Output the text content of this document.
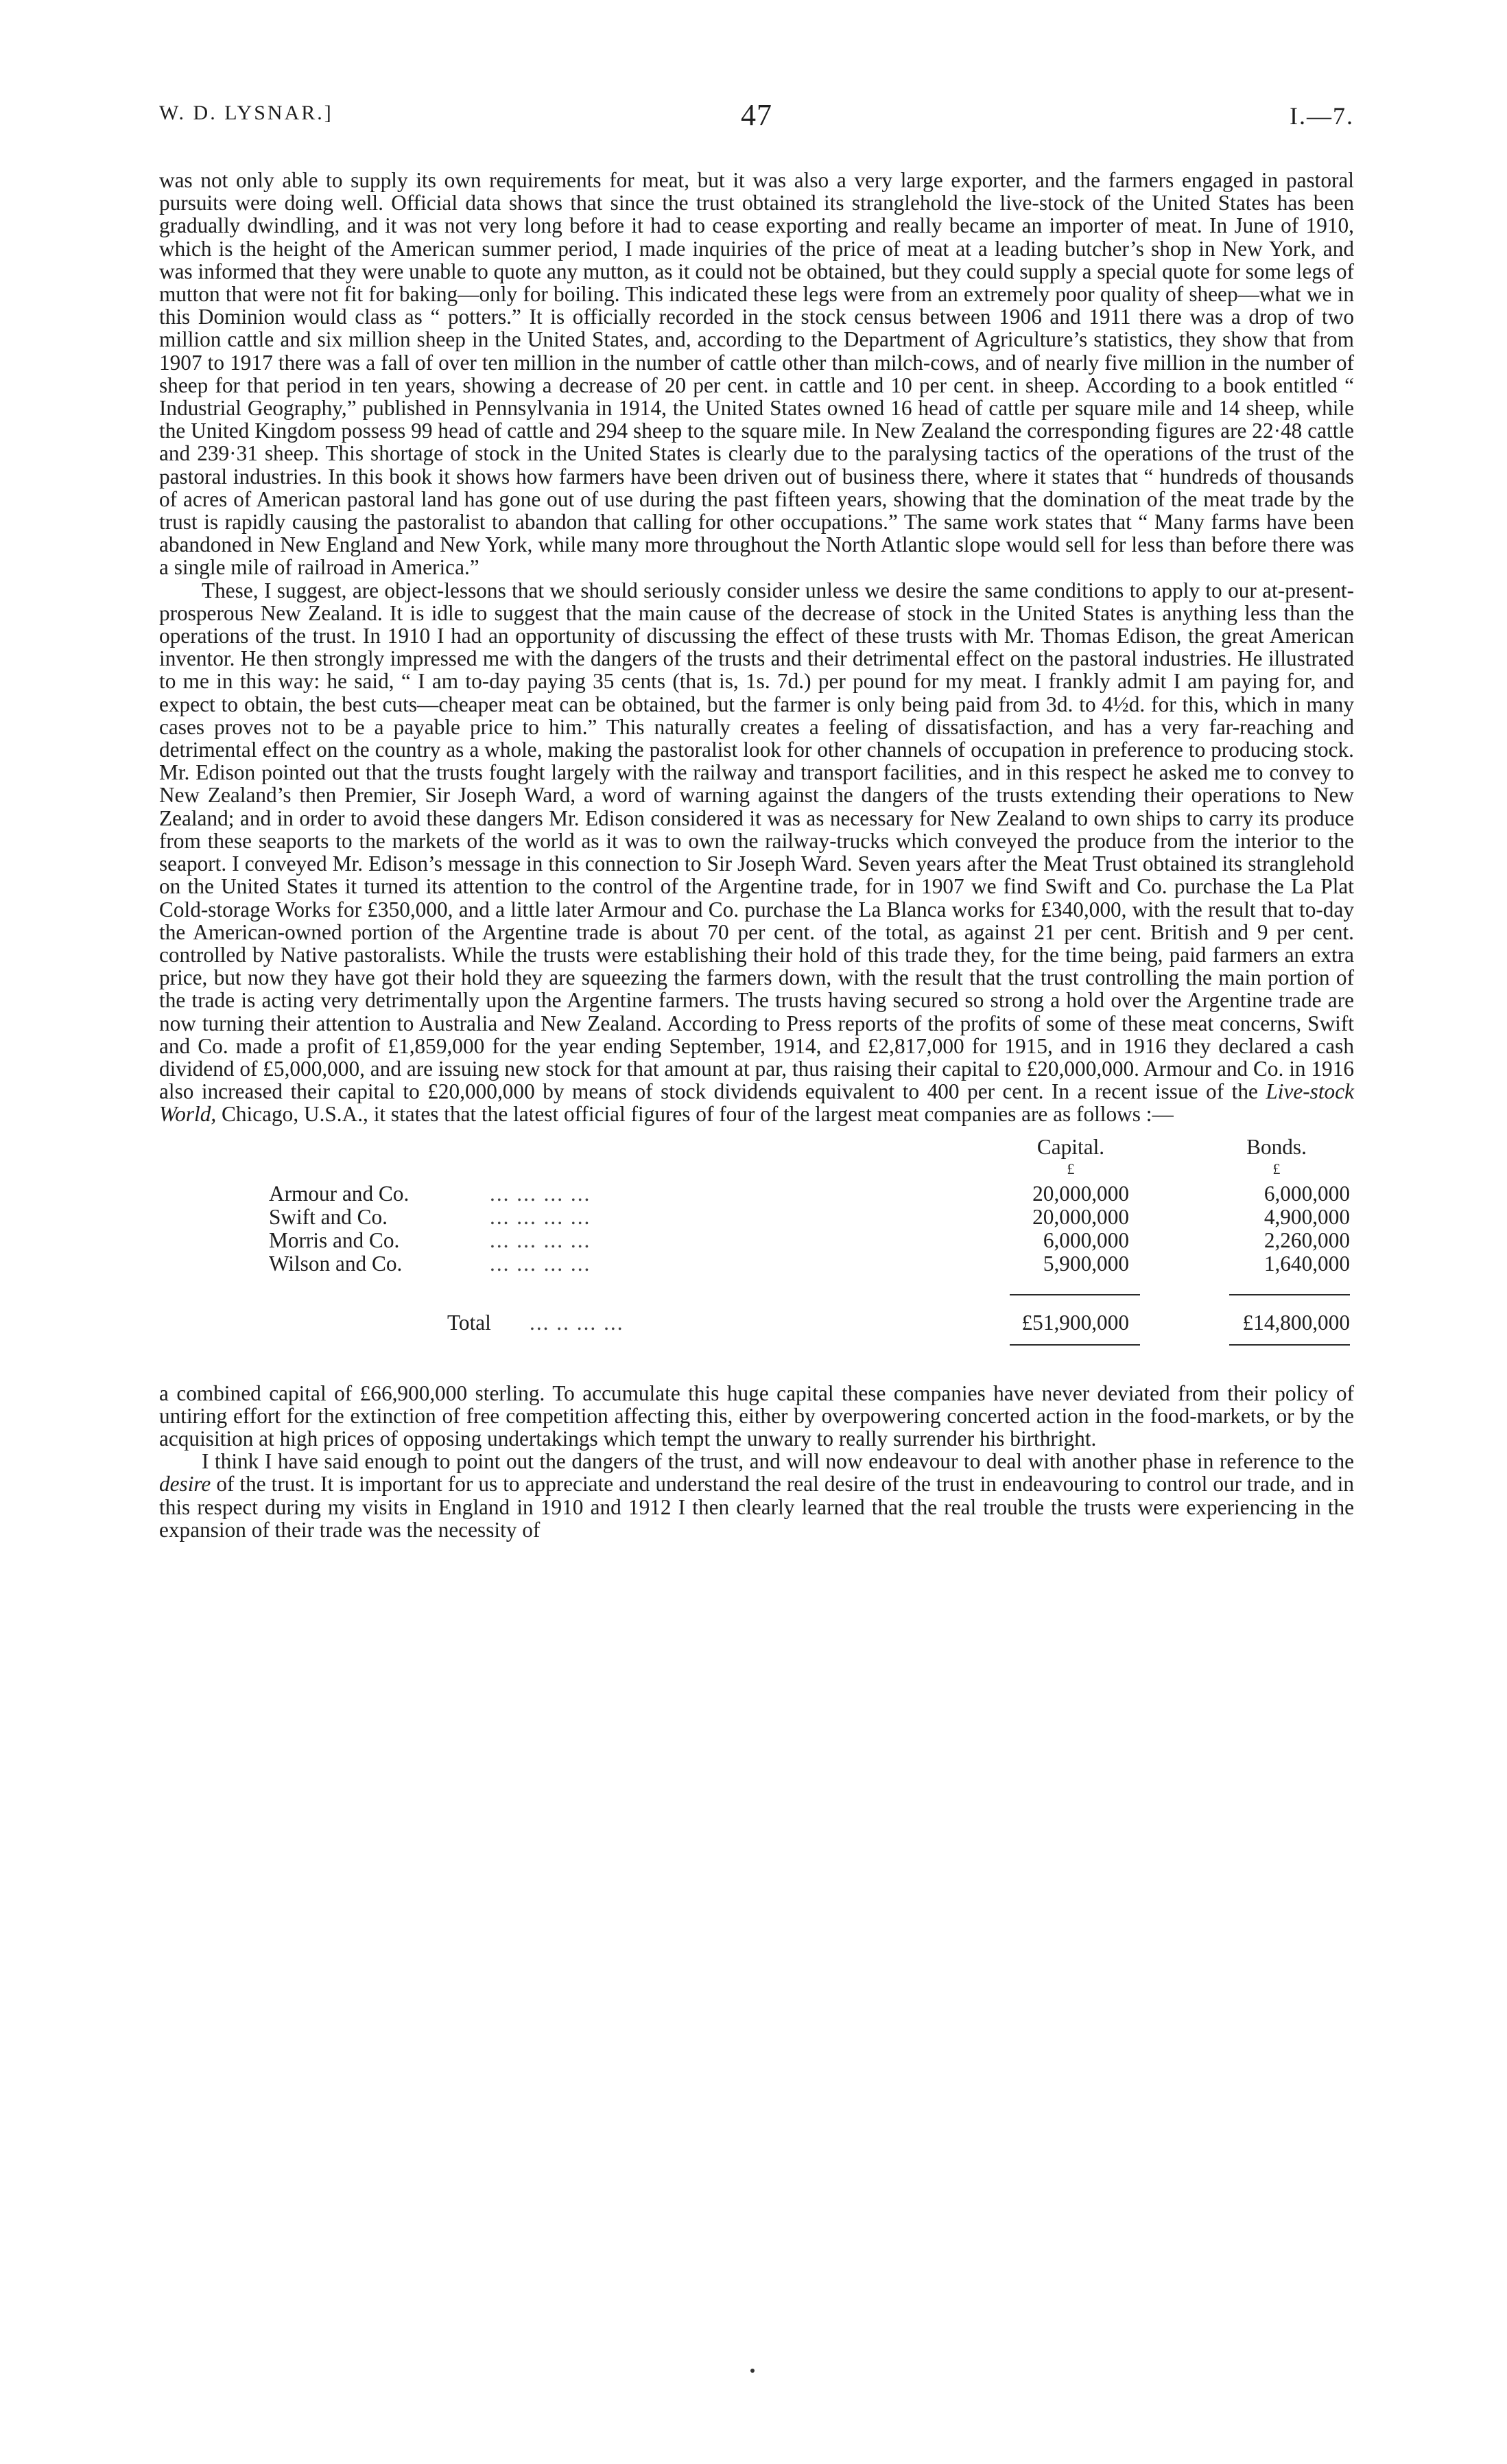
W. D. LYSNAR.]	47	I.—7.

was not only able to supply its own requirements for meat, but it was also a very large exporter, and the farmers engaged in pastoral pursuits were doing well. Official data shows that since the trust obtained its stranglehold the live-stock of the United States has been gradually dwindling, and it was not very long before it had to cease exporting and really became an importer of meat. In June of 1910, which is the height of the American summer period, I made inquiries of the price of meat at a leading butcher’s shop in New York, and was informed that they were unable to quote any mutton, as it could not be obtained, but they could supply a special quote for some legs of mutton that were not fit for baking—only for boiling. This indicated these legs were from an extremely poor quality of sheep—what we in this Dominion would class as “ potters.” It is officially recorded in the stock census between 1906 and 1911 there was a drop of two million cattle and six million sheep in the United States, and, according to the Department of Agriculture’s statistics, they show that from 1907 to 1917 there was a fall of over ten million in the number of cattle other than milch-cows, and of nearly five million in the number of sheep for that period in ten years, showing a decrease of 20 per cent. in cattle and 10 per cent. in sheep. According to a book entitled “ Industrial Geography,” published in Pennsylvania in 1914, the United States owned 16 head of cattle per square mile and 14 sheep, while the United Kingdom possess 99 head of cattle and 294 sheep to the square mile. In New Zealand the corresponding figures are 22·48 cattle and 239·31 sheep. This shortage of stock in the United States is clearly due to the paralysing tactics of the operations of the trust of the pastoral industries. In this book it shows how farmers have been driven out of business there, where it states that “ hundreds of thousands of acres of American pastoral land has gone out of use during the past fifteen years, showing that the domination of the meat trade by the trust is rapidly causing the pastoralist to abandon that calling for other occupations.” The same work states that “ Many farms have been abandoned in New England and New York, while many more throughout the North Atlantic slope would sell for less than before there was a single mile of railroad in America.”

These, I suggest, are object-lessons that we should seriously consider unless we desire the same conditions to apply to our at-present-prosperous New Zealand. It is idle to suggest that the main cause of the decrease of stock in the United States is anything less than the operations of the trust. In 1910 I had an opportunity of discussing the effect of these trusts with Mr. Thomas Edison, the great American inventor. He then strongly impressed me with the dangers of the trusts and their detrimental effect on the pastoral industries. He illustrated to me in this way: he said, “ I am to-day paying 35 cents (that is, 1s. 7d.) per pound for my meat. I frankly admit I am paying for, and expect to obtain, the best cuts—cheaper meat can be obtained, but the farmer is only being paid from 3d. to 4½d. for this, which in many cases proves not to be a payable price to him.” This naturally creates a feeling of dissatisfaction, and has a very far-reaching and detrimental effect on the country as a whole, making the pastoralist look for other channels of occupation in preference to producing stock. Mr. Edison pointed out that the trusts fought largely with the railway and transport facilities, and in this respect he asked me to convey to New Zealand’s then Premier, Sir Joseph Ward, a word of warning against the dangers of the trusts extending their operations to New Zealand; and in order to avoid these dangers Mr. Edison considered it was as necessary for New Zealand to own ships to carry its produce from these seaports to the markets of the world as it was to own the railway-trucks which conveyed the produce from the interior to the seaport. I conveyed Mr. Edison’s message in this connection to Sir Joseph Ward. Seven years after the Meat Trust obtained its stranglehold on the United States it turned its attention to the control of the Argentine trade, for in 1907 we find Swift and Co. purchase the La Plat Cold-storage Works for £350,000, and a little later Armour and Co. purchase the La Blanca works for £340,000, with the result that to-day the American-owned portion of the Argentine trade is about 70 per cent. of the total, as against 21 per cent. British and 9 per cent. controlled by Native pastoralists. While the trusts were establishing their hold of this trade they, for the time being, paid farmers an extra price, but now they have got their hold they are squeezing the farmers down, with the result that the trust controlling the main portion of the trade is acting very detrimentally upon the Argentine farmers. The trusts having secured so strong a hold over the Argentine trade are now turning their attention to Australia and New Zealand. According to Press reports of the profits of some of these meat concerns, Swift and Co. made a profit of £1,859,000 for the year ending September, 1914, and £2,817,000 for 1915, and in 1916 they declared a cash dividend of £5,000,000, and are issuing new stock for that amount at par, thus raising their capital to £20,000,000. Armour and Co. in 1916 also increased their capital to £20,000,000 by means of stock dividends equivalent to 400 per cent. In a recent issue of the Live-stock World, Chicago, U.S.A., it states that the latest official figures of four of the largest meat companies are as follows :—

Capital.	Bonds.
£	£
Armour and Co.	... ... ... ...	20,000,000	6,000,000
Swift and Co.	... ... ... ...	20,000,000	4,900,000
Morris and Co.	... ... ... ...	6,000,000	2,260,000
Wilson and Co.	... ... ... ...	5,900,000	1,640,000
Total ... .. ... ...	£51,900,000	£14,800,000

a combined capital of £66,900,000 sterling. To accumulate this huge capital these companies have never deviated from their policy of untiring effort for the extinction of free competition affecting this, either by overpowering concerted action in the food-markets, or by the acquisition at high prices of opposing undertakings which tempt the unwary to really surrender his birthright.

I think I have said enough to point out the dangers of the trust, and will now endeavour to deal with another phase in reference to the desire of the trust. It is important for us to appreciate and understand the real desire of the trust in endeavouring to control our trade, and in this respect during my visits in England in 1910 and 1912 I then clearly learned that the real trouble the trusts were experiencing in the expansion of their trade was the necessity of
